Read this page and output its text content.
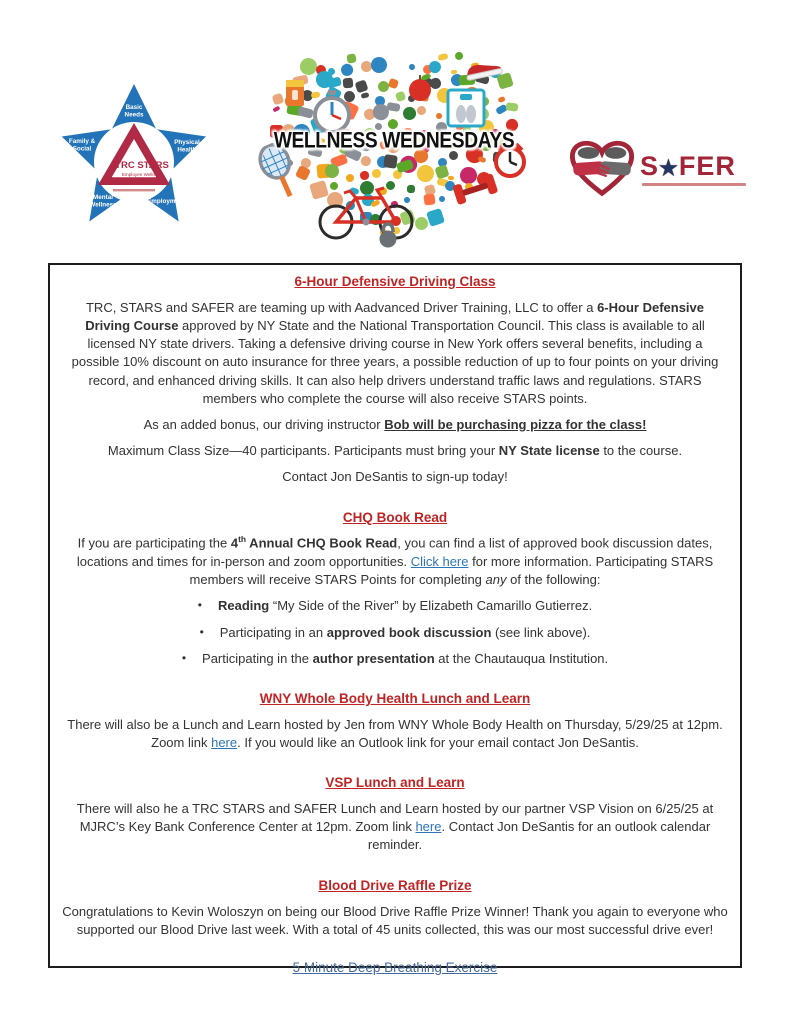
TRC STARS
Employee Wellness
Basic
Needs
Family &
Social
Physical
Health
Mental
Wellness	Employment
WELLNESS WEDNESDAYS
S★FER
6-Hour Defensive Driving Class

TRC, STARS and SAFER are teaming up with Aadvanced Driver Training, LLC to offer a 6-Hour Defensive Driving Course approved by NY State and the National Transportation Council. This class is available to all licensed NY state drivers. Taking a defensive driving course in New York offers several benefits, including a possible 10% discount on auto insurance for three years, a possible reduction of up to four points on your driving record, and enhanced driving skills. It can also help drivers understand traffic laws and regulations. STARS members who complete the course will also receive STARS points.

As an added bonus, our driving instructor Bob will be purchasing pizza for the class!

Maximum Class Size—40 participants. Participants must bring your NY State license to the course.

Contact Jon DeSantis to sign-up today!

CHQ Book Read

If you are participating the 4th Annual CHQ Book Read, you can find a list of approved book discussion dates, locations and times for in-person and zoom opportunities. Click here for more information. Participating STARS members will receive STARS Points for completing any of the following:

• Reading “My Side of the River” by Elizabeth Camarillo Gutierrez.
• Participating in an approved book discussion (see link above).
• Participating in the author presentation at the Chautauqua Institution.
WNY Whole Body Health Lunch and Learn

There will also be a Lunch and Learn hosted by Jen from WNY Whole Body Health on Thursday, 5/29/25 at 12pm. Zoom link here. If you would like an Outlook link for your email contact Jon DeSantis.

VSP Lunch and Learn

There will also he a TRC STARS and SAFER Lunch and Learn hosted by our partner VSP Vision on 6/25/25 at MJRC’s Key Bank Conference Center at 12pm. Zoom link here. Contact Jon DeSantis for an outlook calendar reminder.

Blood Drive Raffle Prize

Congratulations to Kevin Woloszyn on being our Blood Drive Raffle Prize Winner! Thank you again to everyone who supported our Blood Drive last week. With a total of 45 units collected, this was our most successful drive ever!

5 Minute Deep Breathing Exercise
